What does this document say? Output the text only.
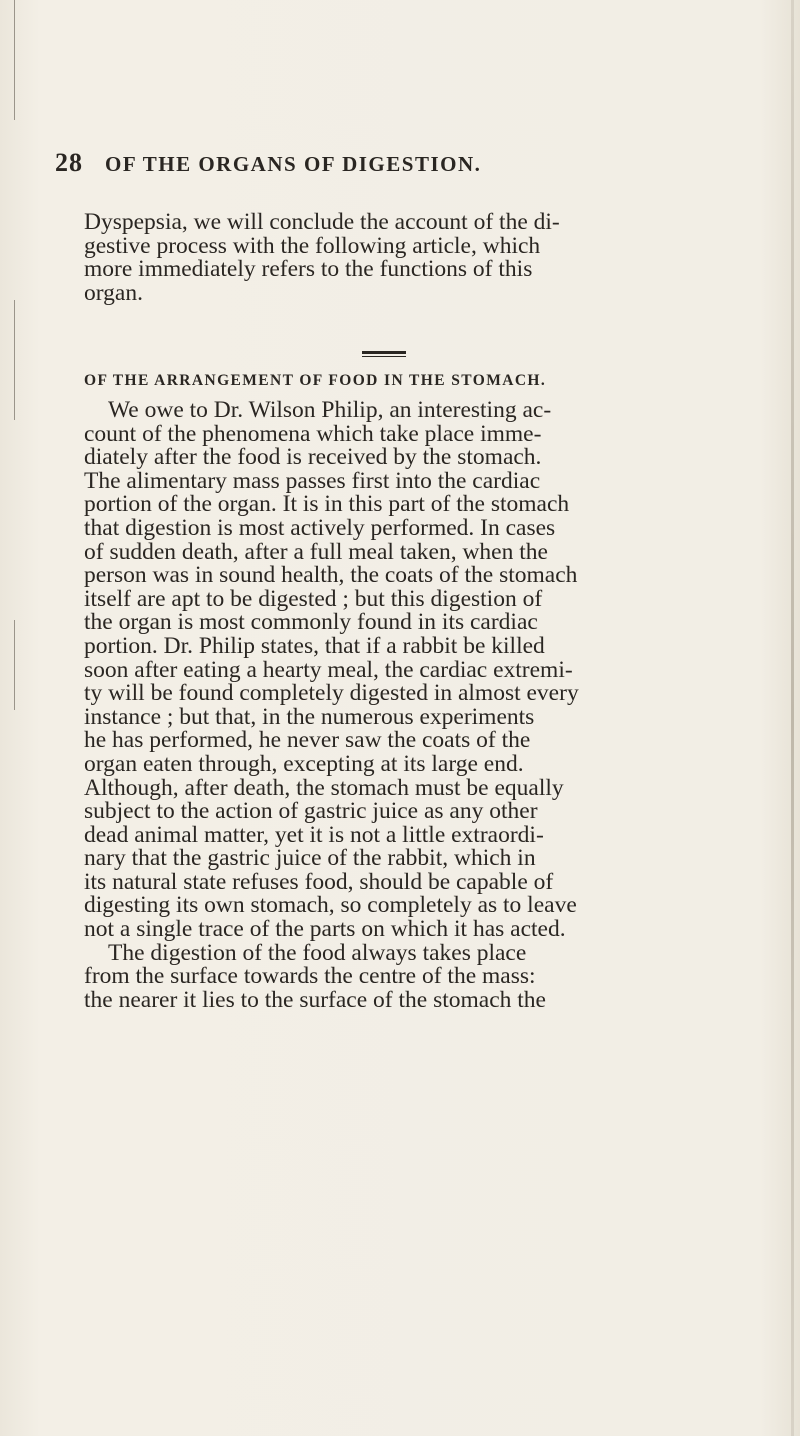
28 OF THE ORGANS OF DIGESTION.
Dyspepsia, we will conclude the account of the di-
gestive process with the following article, which
more immediately refers to the functions of this
organ.
OF THE ARRANGEMENT OF FOOD IN THE STOMACH.
We owe to Dr. Wilson Philip, an interesting ac-
count of the phenomena which take place imme-
diately after the food is received by the stomach.
The alimentary mass passes first into the cardiac
portion of the organ. It is in this part of the stomach
that digestion is most actively performed. In cases
of sudden death, after a full meal taken, when the
person was in sound health, the coats of the stomach
itself are apt to be digested ; but this digestion of
the organ is most commonly found in its cardiac
portion. Dr. Philip states, that if a rabbit be killed
soon after eating a hearty meal, the cardiac extremi-
ty will be found completely digested in almost every
instance ; but that, in the numerous experiments
he has performed, he never saw the coats of the
organ eaten through, excepting at its large end.
Although, after death, the stomach must be equally
subject to the action of gastric juice as any other
dead animal matter, yet it is not a little extraordi-
nary that the gastric juice of the rabbit, which in
its natural state refuses food, should be capable of
digesting its own stomach, so completely as to leave
not a single trace of the parts on which it has acted.
The digestion of the food always takes place
from the surface towards the centre of the mass:
the nearer it lies to the surface of the stomach the
